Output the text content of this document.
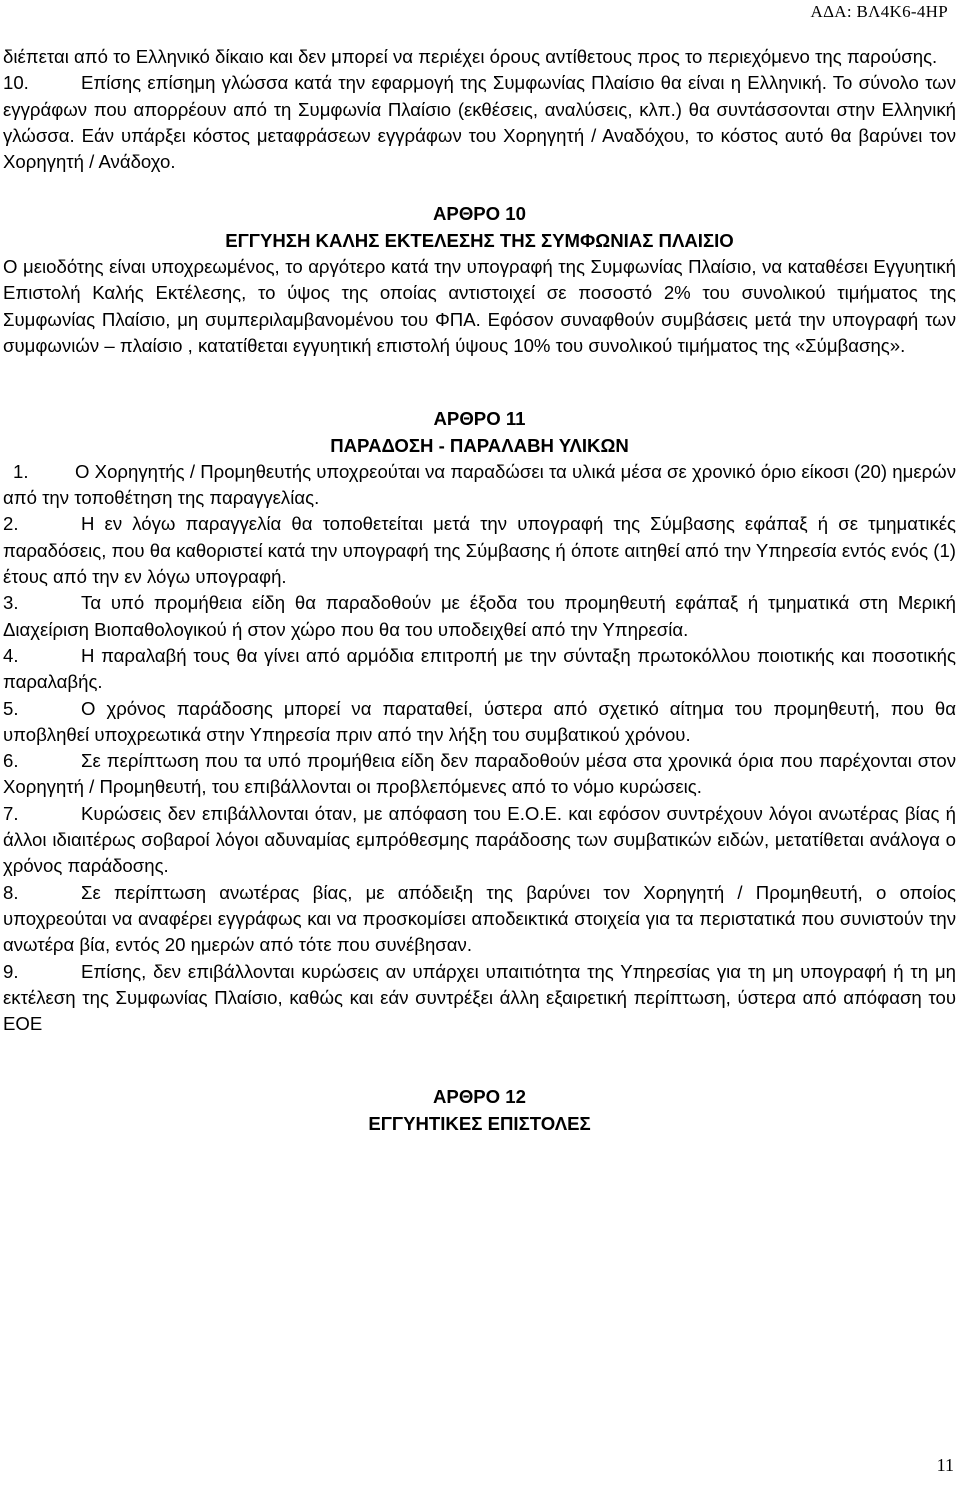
ΑΔΑ: ΒΛ4Κ6-4ΗΡ

διέπεται από το Ελληνικό δίκαιο και δεν μπορεί να περιέχει όρους αντίθετους προς το περιεχόμενο της παρούσης.

10.	Επίσης επίσημη γλώσσα κατά την εφαρμογή της Συμφωνίας Πλαίσιο θα είναι η Ελληνική. Το σύνολο των εγγράφων που απορρέουν από τη Συμφωνία Πλαίσιο (εκθέσεις, αναλύσεις, κλπ.) θα συντάσσονται στην Ελληνική γλώσσα. Εάν υπάρξει κόστος μεταφράσεων εγγράφων του Χορηγητή / Αναδόχου, το κόστος αυτό θα βαρύνει τον Χορηγητή / Ανάδοχο.

ΑΡΘΡΟ 10

ΕΓΓΥΗΣΗ ΚΑΛΗΣ ΕΚΤΕΛΕΣΗΣ ΤΗΣ ΣΥΜΦΩΝΙΑΣ ΠΛΑΙΣΙΟ

Ο μειοδότης είναι υποχρεωμένος, το αργότερο κατά την υπογραφή της Συμφωνίας Πλαίσιο, να καταθέσει Εγγυητική Επιστολή Καλής Εκτέλεσης, το ύψος της οποίας αντιστοιχεί σε ποσοστό 2% του συνολικού τιμήματος της Συμφωνίας Πλαίσιο, μη συμπεριλαμβανομένου του ΦΠΑ. Εφόσον συναφθούν συμβάσεις μετά την υπογραφή των συμφωνιών – πλαίσιο , κατατίθεται εγγυητική επιστολή ύψους 10% του συνολικού τιμήματος της «Σύμβασης».

ΑΡΘΡΟ 11

ΠΑΡΑΔΟΣΗ - ΠΑΡΑΛΑΒΗ ΥΛΙΚΩΝ

1. Ο Χορηγητής / Προμηθευτής υποχρεούται να παραδώσει τα υλικά μέσα σε χρονικό όριο είκοσι (20) ημερών από την τοποθέτηση της παραγγελίας.

2.	Η εν λόγω παραγγελία θα τοποθετείται μετά την υπογραφή της Σύμβασης εφάπαξ ή σε τμηματικές παραδόσεις, που θα καθοριστεί κατά την υπογραφή της Σύμβασης ή όποτε αιτηθεί από την Υπηρεσία εντός ενός (1) έτους από την εν λόγω υπογραφή.

3.	Τα υπό προμήθεια είδη θα παραδοθούν με έξοδα του προμηθευτή εφάπαξ ή τμηματικά στη Μερική Διαχείριση Βιοπαθολογικού ή στον χώρο που θα του υποδειχθεί από την Υπηρεσία.

4.	Η παραλαβή τους θα γίνει από αρμόδια επιτροπή με την σύνταξη πρωτοκόλλου ποιοτικής και ποσοτικής παραλαβής.

5.	Ο χρόνος παράδοσης μπορεί να παραταθεί, ύστερα από σχετικό αίτημα του προμηθευτή, που θα υποβληθεί υποχρεωτικά στην Υπηρεσία πριν από την λήξη του συμβατικού χρόνου.

6.	Σε περίπτωση που τα υπό προμήθεια είδη δεν παραδοθούν μέσα στα χρονικά όρια που παρέχονται στον Χορηγητή / Προμηθευτή, του επιβάλλονται οι προβλεπόμενες από το νόμο κυρώσεις.

7.	Κυρώσεις δεν επιβάλλονται όταν, με απόφαση του Ε.Ο.Ε. και εφόσον συντρέχουν λόγοι ανωτέρας βίας ή άλλοι ιδιαιτέρως σοβαροί λόγοι αδυναμίας εμπρόθεσμης παράδοσης των συμβατικών ειδών, μετατίθεται ανάλογα ο χρόνος παράδοσης.

8.	Σε περίπτωση ανωτέρας βίας, με απόδειξη της βαρύνει τον Χορηγητή / Προμηθευτή, ο οποίος υποχρεούται να αναφέρει εγγράφως και να προσκομίσει αποδεικτικά στοιχεία για τα περιστατικά που συνιστούν την ανωτέρα βία, εντός 20 ημερών από τότε που συνέβησαν.

9.	Επίσης, δεν επιβάλλονται κυρώσεις αν υπάρχει υπαιτιότητα της Υπηρεσίας για τη μη υπογραφή ή τη μη εκτέλεση της Συμφωνίας Πλαίσιο, καθώς και εάν συντρέξει άλλη εξαιρετική περίπτωση, ύστερα από απόφαση του ΕΟΕ

ΑΡΘΡΟ 12

ΕΓΓΥΗΤΙΚΕΣ ΕΠΙΣΤΟΛΕΣ

11
